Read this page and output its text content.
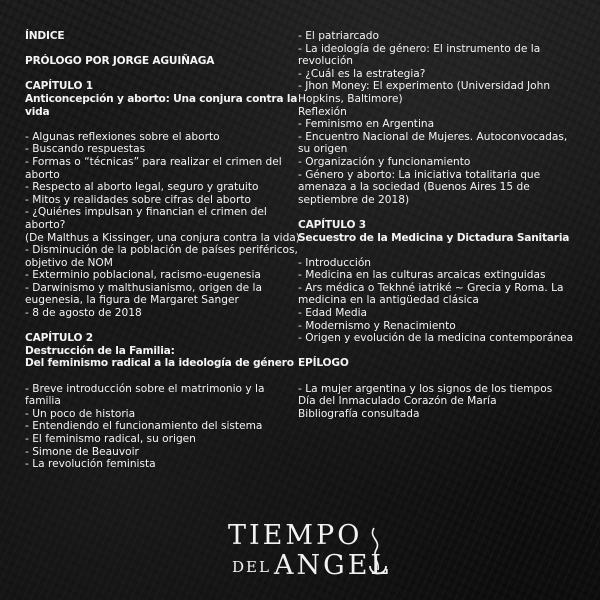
ÍNDICE
PRÓLOGO POR JORGE AGUIÑAGA
CAPÍTULO 1
Anticoncepción y aborto: Una conjura contra la vida
- Algunas reflexiones sobre el aborto
- Buscando respuestas
- Formas o “técnicas” para realizar el crimen del aborto
- Respecto al aborto legal, seguro y gratuito
- Mitos y realidades sobre cifras del aborto
- ¿Quiénes impulsan y financian el crimen del aborto?
(De Malthus a Kissinger, una conjura contra la vida)
- Disminución de la población de países periféricos, objetivo de NOM
- Exterminio poblacional, racismo-eugenesia
- Darwinismo y malthusianismo, origen de la eugenesia, la figura de Margaret Sanger
- 8 de agosto de 2018
CAPÍTULO 2
Destrucción de la Familia:
Del feminismo radical a la ideología de género
- Breve introducción sobre el matrimonio y la familia
- Un poco de historia
- Entendiendo el funcionamiento del sistema
- El feminismo radical, su origen
- Simone de Beauvoir
- La revolución feminista
- El patriarcado
- La ideología de género: El instrumento de la revolución
- ¿Cuál es la estrategia?
- Jhon Money: El experimento (Universidad John Hopkins, Baltimore)
Reflexión
- Feminismo en Argentina
- Encuentro Nacional de Mujeres. Autoconvocadas, su origen
- Organización y funcionamiento
- Género y aborto: La iniciativa totalitaria que amenaza a la sociedad (Buenos Aires 15 de septiembre de 2018)
CAPÍTULO 3
Secuestro de la Medicina y Dictadura Sanitaria
- Introducción
- Medicina en las culturas arcaicas extinguidas
- Ars médica o Tekhné iatriké ~ Grecia y Roma. La medicina en la antigüedad clásica
- Edad Media
- Modernismo y Renacimiento
- Origen y evolución de la medicina contemporánea
EPÍLOGO
- La mujer argentina y los signos de los tiempos
Día del Inmaculado Corazón de María
Bibliografía consultada
TIEMPO
DEL ANGEL
